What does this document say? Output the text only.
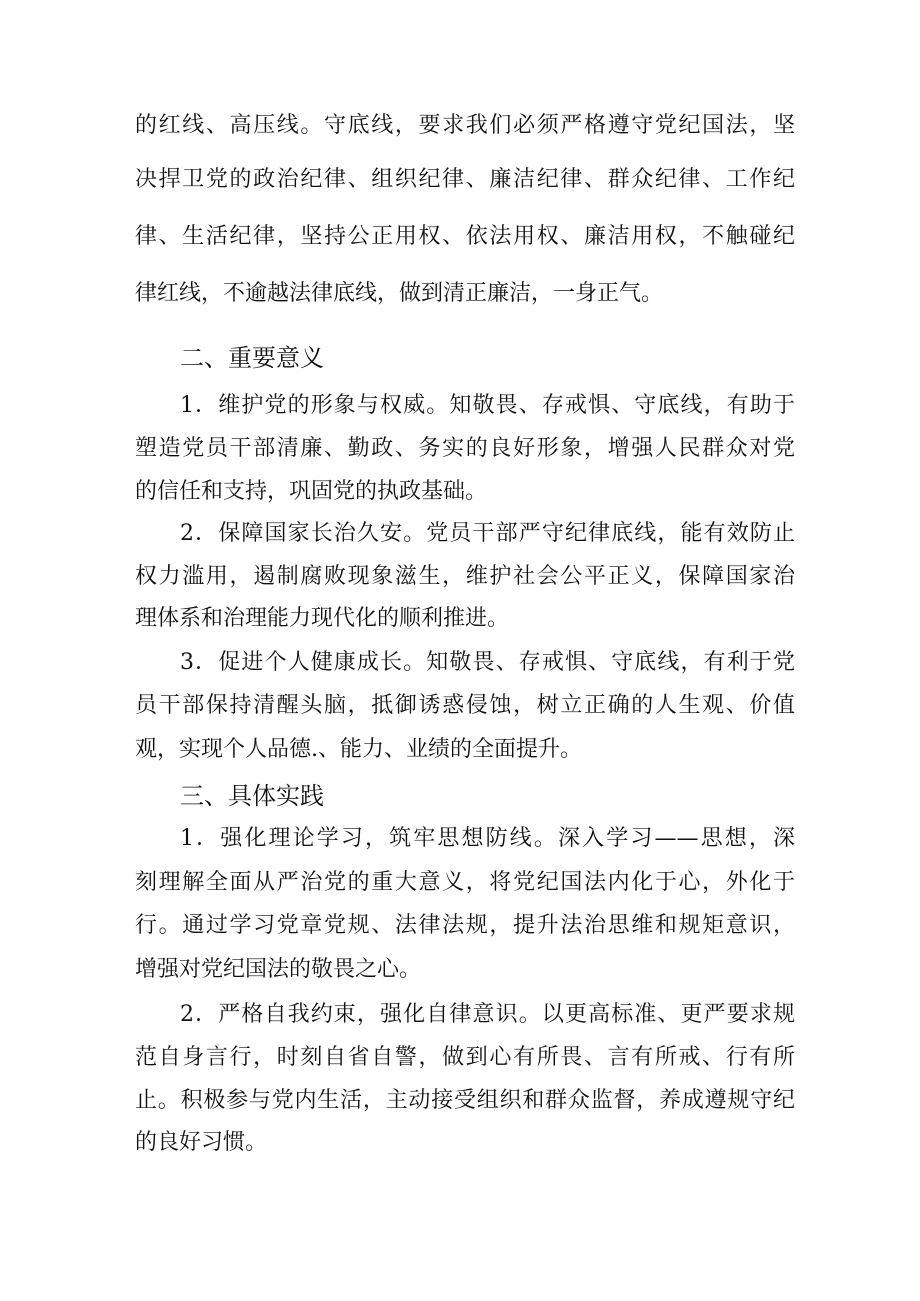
的红线、高压线。守底线，要求我们必须严格遵守党纪国法，坚
决捍卫党的政治纪律、组织纪律、廉洁纪律、群众纪律、工作纪
律、生活纪律，坚持公正用权、依法用权、廉洁用权，不触碰纪
律红线，不逾越法律底线，做到清正廉洁，一身正气。
二、重要意义
1．维护党的形象与权威。知敬畏、存戒惧、守底线，有助于
塑造党员干部清廉、勤政、务实的良好形象，增强人民群众对党
的信任和支持，巩固党的执政基础。
2．保障国家长治久安。党员干部严守纪律底线，能有效防止
权力滥用，遏制腐败现象滋生，维护社会公平正义，保障国家治
理体系和治理能力现代化的顺利推进。
3．促进个人健康成长。知敬畏、存戒惧、守底线，有利于党
员干部保持清醒头脑，抵御诱惑侵蚀，树立正确的人生观、价值
观，实现个人品德.、能力、业绩的全面提升。
三、具体实践
1．强化理论学习，筑牢思想防线。深入学习——思想，深
刻理解全面从严治党的重大意义，将党纪国法内化于心，外化于
行。通过学习党章党规、法律法规，提升法治思维和规矩意识，
增强对党纪国法的敬畏之心。
2．严格自我约束，强化自律意识。以更高标准、更严要求规
范自身言行，时刻自省自警，做到心有所畏、言有所戒、行有所
止。积极参与党内生活，主动接受组织和群众监督，养成遵规守纪
的良好习惯。
